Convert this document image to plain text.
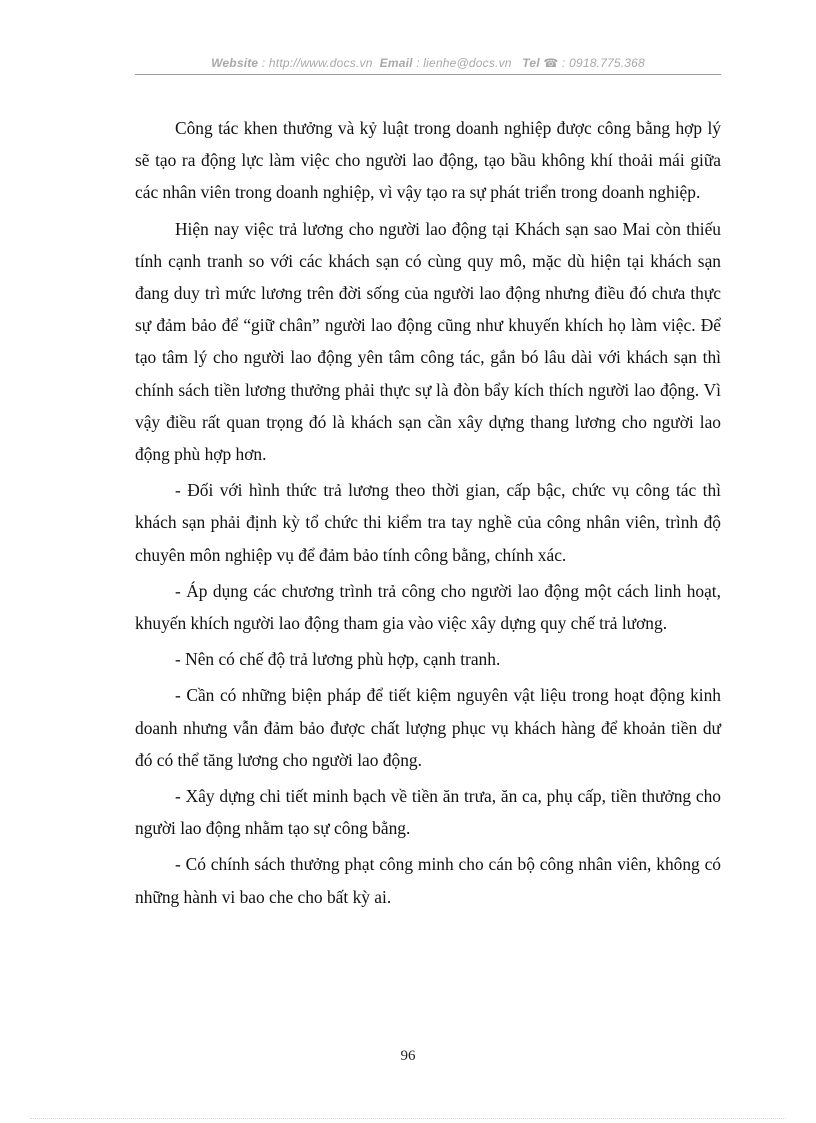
Website : http://www.docs.vn Email : lienhe@docs.vn Tel ☎ : 0918.775.368

Công tác khen thưởng và kỷ luật trong doanh nghiệp được công bằng hợp lý sẽ tạo ra động lực làm việc cho người lao động, tạo bầu không khí thoải mái giữa các nhân viên trong doanh nghiệp, vì vậy tạo ra sự phát triển trong doanh nghiệp.

Hiện nay việc trả lương cho người lao động tại Khách sạn sao Mai còn thiếu tính cạnh tranh so với các khách sạn có cùng quy mô, mặc dù hiện tại khách sạn đang duy trì mức lương trên đời sống của người lao động nhưng điều đó chưa thực sự đảm bảo để “giữ chân” người lao động cũng như khuyến khích họ làm việc. Để tạo tâm lý cho người lao động yên tâm công tác, gắn bó lâu dài với khách sạn thì chính sách tiền lương thưởng phải thực sự là đòn bẩy kích thích người lao động. Vì vậy điều rất quan trọng đó là khách sạn cần xây dựng thang lương cho người lao động phù hợp hơn.

- Đối với hình thức trả lương theo thời gian, cấp bậc, chức vụ công tác thì khách sạn phải định kỳ tổ chức thi kiểm tra tay nghề của công nhân viên, trình độ chuyên môn nghiệp vụ để đảm bảo tính công bằng, chính xác.

- Áp dụng các chương trình trả công cho người lao động một cách linh hoạt, khuyến khích người lao động tham gia vào việc xây dựng quy chế trả lương.

- Nên có chế độ trả lương phù hợp, cạnh tranh.

- Cần có những biện pháp để tiết kiệm nguyên vật liệu trong hoạt động kinh doanh nhưng vẫn đảm bảo được chất lượng phục vụ khách hàng để khoản tiền dư đó có thể tăng lương cho người lao động.

- Xây dựng chi tiết minh bạch về tiền ăn trưa, ăn ca, phụ cấp, tiền thưởng cho người lao động nhằm tạo sự công bằng.

- Có chính sách thưởng phạt công minh cho cán bộ công nhân viên, không có những hành vi bao che cho bất kỳ ai.

96
